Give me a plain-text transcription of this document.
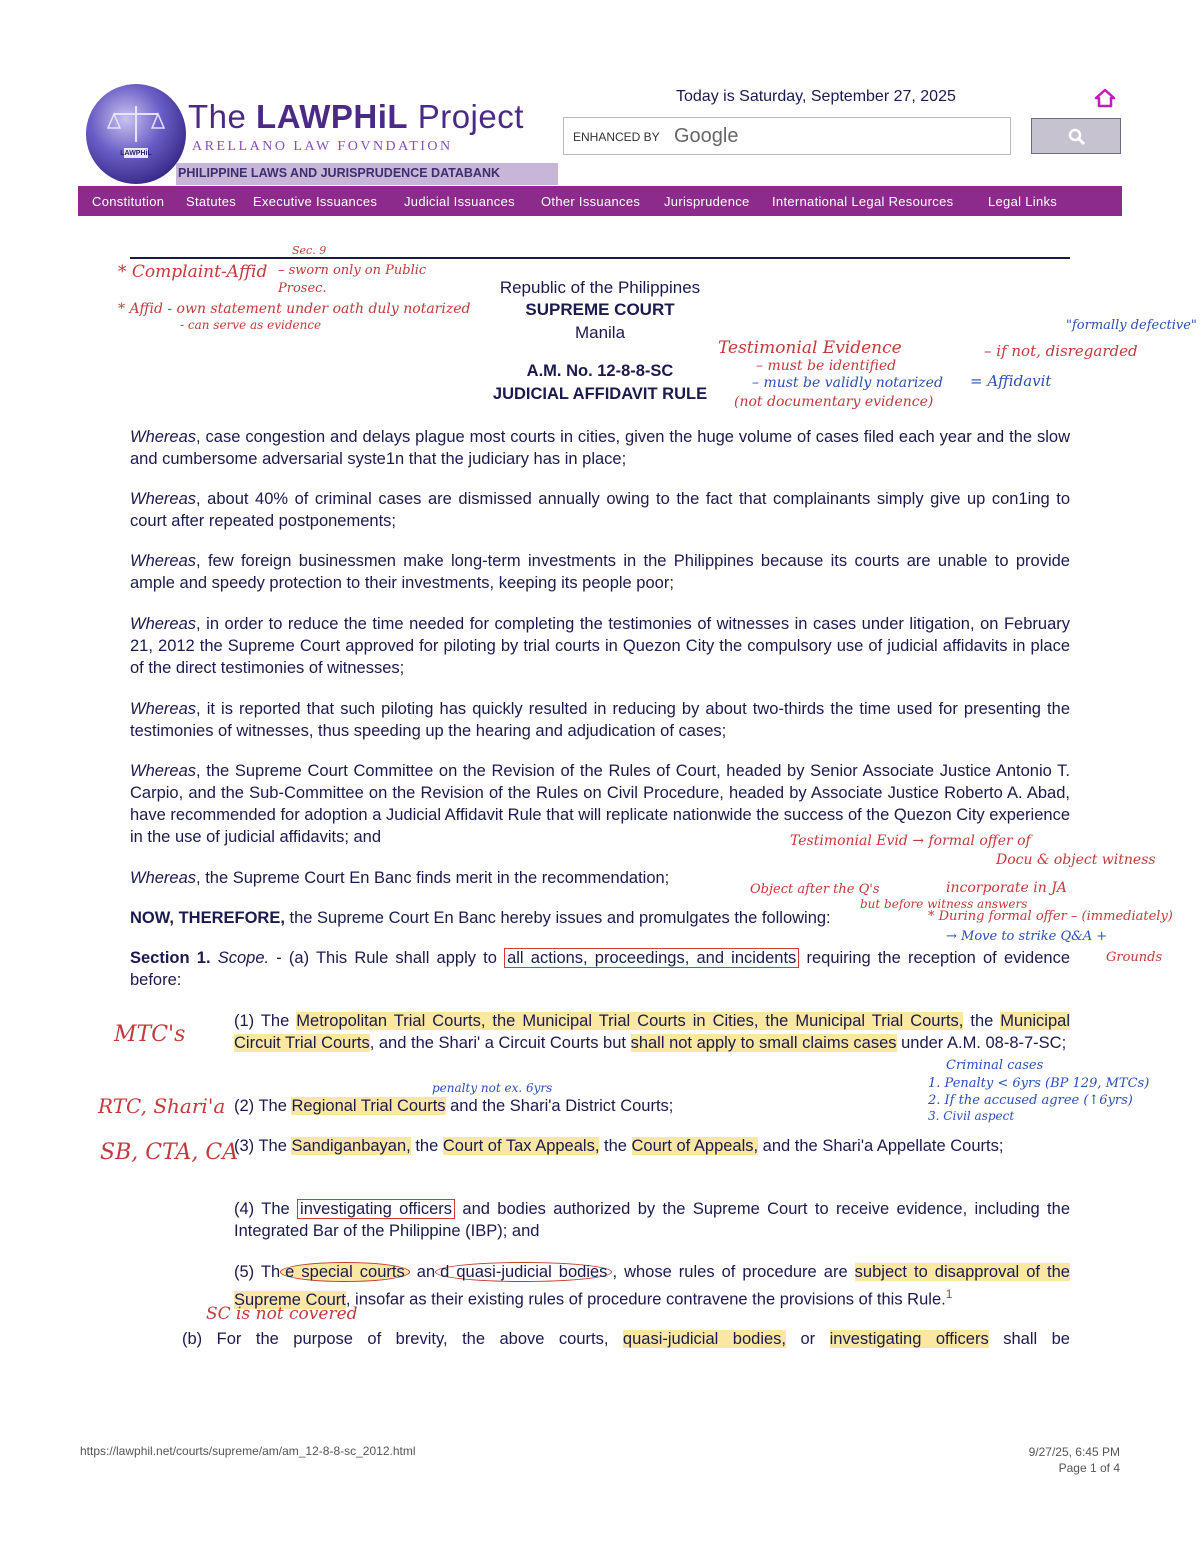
LAWPHiL
The LAWPHiL Project
ARELLANO LAW FOVNDATION
PHILIPPINE LAWS AND JURISPRUDENCE DATABANK
Today is Saturday, September 27, 2025
ENHANCED BY Google
Constitution Statutes Executive Issuances Judicial Issuances Other Issuances Jurisprudence International Legal Resources	Legal Links
Republic of the Philippines
SUPREME COURT
Manila
A.M. No. 12-8-8-SC
JUDICIAL AFFIDAVIT RULE
Whereas, case congestion and delays plague most courts in cities, given the huge volume of cases filed each year and the slow and cumbersome adversarial syste1n that the judiciary has in place;
Whereas, about 40% of criminal cases are dismissed annually owing to the fact that complainants simply give up con1ing to court after repeated postponements;
Whereas, few foreign businessmen make long-term investments in the Philippines because its courts are unable to provide ample and speedy protection to their investments, keeping its people poor;
Whereas, in order to reduce the time needed for completing the testimonies of witnesses in cases under litigation, on February 21, 2012 the Supreme Court approved for piloting by trial courts in Quezon City the compulsory use of judicial affidavits in place of the direct testimonies of witnesses;
Whereas, it is reported that such piloting has quickly resulted in reducing by about two-thirds the time used for presenting the testimonies of witnesses, thus speeding up the hearing and adjudication of cases;
Whereas, the Supreme Court Committee on the Revision of the Rules of Court, headed by Senior Associate Justice Antonio T. Carpio, and the Sub-Committee on the Revision of the Rules on Civil Procedure, headed by Associate Justice Roberto A. Abad, have recommended for adoption a Judicial Affidavit Rule that will replicate nationwide the success of the Quezon City experience in the use of judicial affidavits; and
Whereas, the Supreme Court En Banc finds merit in the recommendation;
NOW, THEREFORE, the Supreme Court En Banc hereby issues and promulgates the following:
Section 1. Scope. - (a) This Rule shall apply to all actions, proceedings, and incidents requiring the reception of evidence before:
(1) The Metropolitan Trial Courts, the Municipal Trial Courts in Cities, the Municipal Trial Courts, the Municipal Circuit Trial Courts, and the Shari' a Circuit Courts but shall not apply to small claims cases under A.M. 08-8-7-SC;
(2) The Regional Trial Courts and the Shari'a District Courts;
(3) The Sandiganbayan, the Court of Tax Appeals, the Court of Appeals, and the Shari'a Appellate Courts;
(4) The investigating officers and bodies authorized by the Supreme Court to receive evidence, including the Integrated Bar of the Philippine (IBP); and
(5) Th e special courts an d quasi-judicial bodies , whose rules of procedure are subject to disapproval of the Supreme Court, insofar as their existing rules of procedure contravene the provisions of this Rule.$^1$
(b) For the purpose of brevity, the above courts, quasi-judicial bodies, or investigating officers shall be
* Complaint-Affid
Sec. 9
– sworn only on Public Prosec.
* Affid - own statement under oath duly notarized
- can serve as evidence
Testimonial Evidence
– must be identified
– must be validly notarized
(not documentary evidence)
– if not, disregarded
= Affidavit
"formally defective"
Testimonial Evid → formal offer of
Docu & object witness
incorporate in JA
Object after the Q's
but before witness answers
* During formal offer – (immediately)
→ Move to strike Q&A +
Grounds
MTC's
RTC, Shari'a
SB, CTA, CA
penalty not ex. 6yrs
Criminal cases
1. Penalty < 6yrs (BP 129, MTCs)
2. If the accused agree (↑6yrs)
3. Civil aspect
SC is not covered
https://lawphil.net/courts/supreme/am/am_12-8-8-sc_2012.html	9/27/25, 6:45 PM
Page 1 of 4
